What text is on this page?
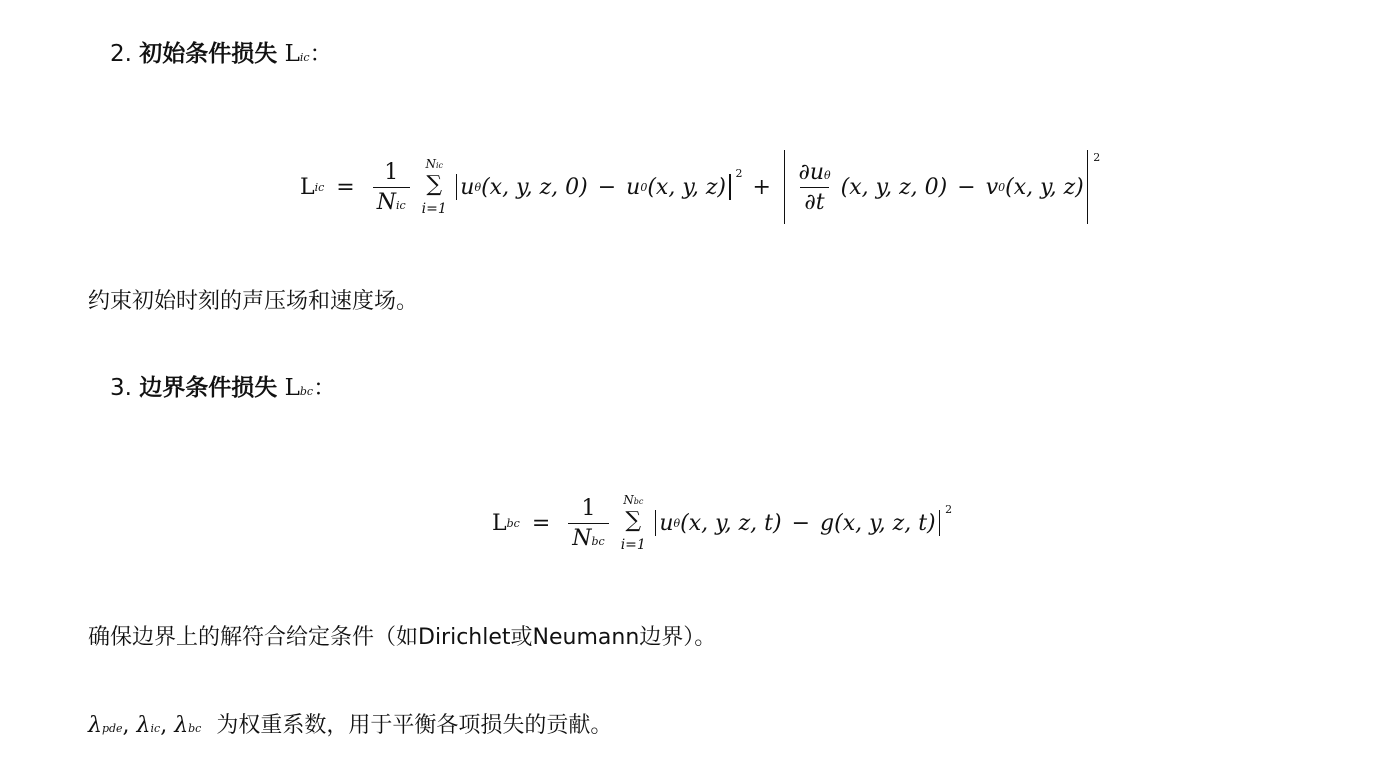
2. 初始条件损失 Lic：
L ic = $\frac{1}{\text{Nic}}$ Nic
∑
i=1
u θ (x, y, z, 0) − u 0 (x, y, z)
2
+ $\frac{\partial u\theta}{\partial t} (x$, y, z, 0) − v 0 (x, y, z)
2
约束初始时刻的声压场和速度场。
3. 边界条件损失 Lbc：
L bc = $\frac{1}{\text{Nbc}}$ Nbc
∑
i=1
u θ (x, y, z, t) − g (x, y, z, t)
2
确保边界上的解符合给定条件（如Dirichlet或Neumann边界）。
λpde, λic, λbc 为权重系数，用于平衡各项损失的贡献。
